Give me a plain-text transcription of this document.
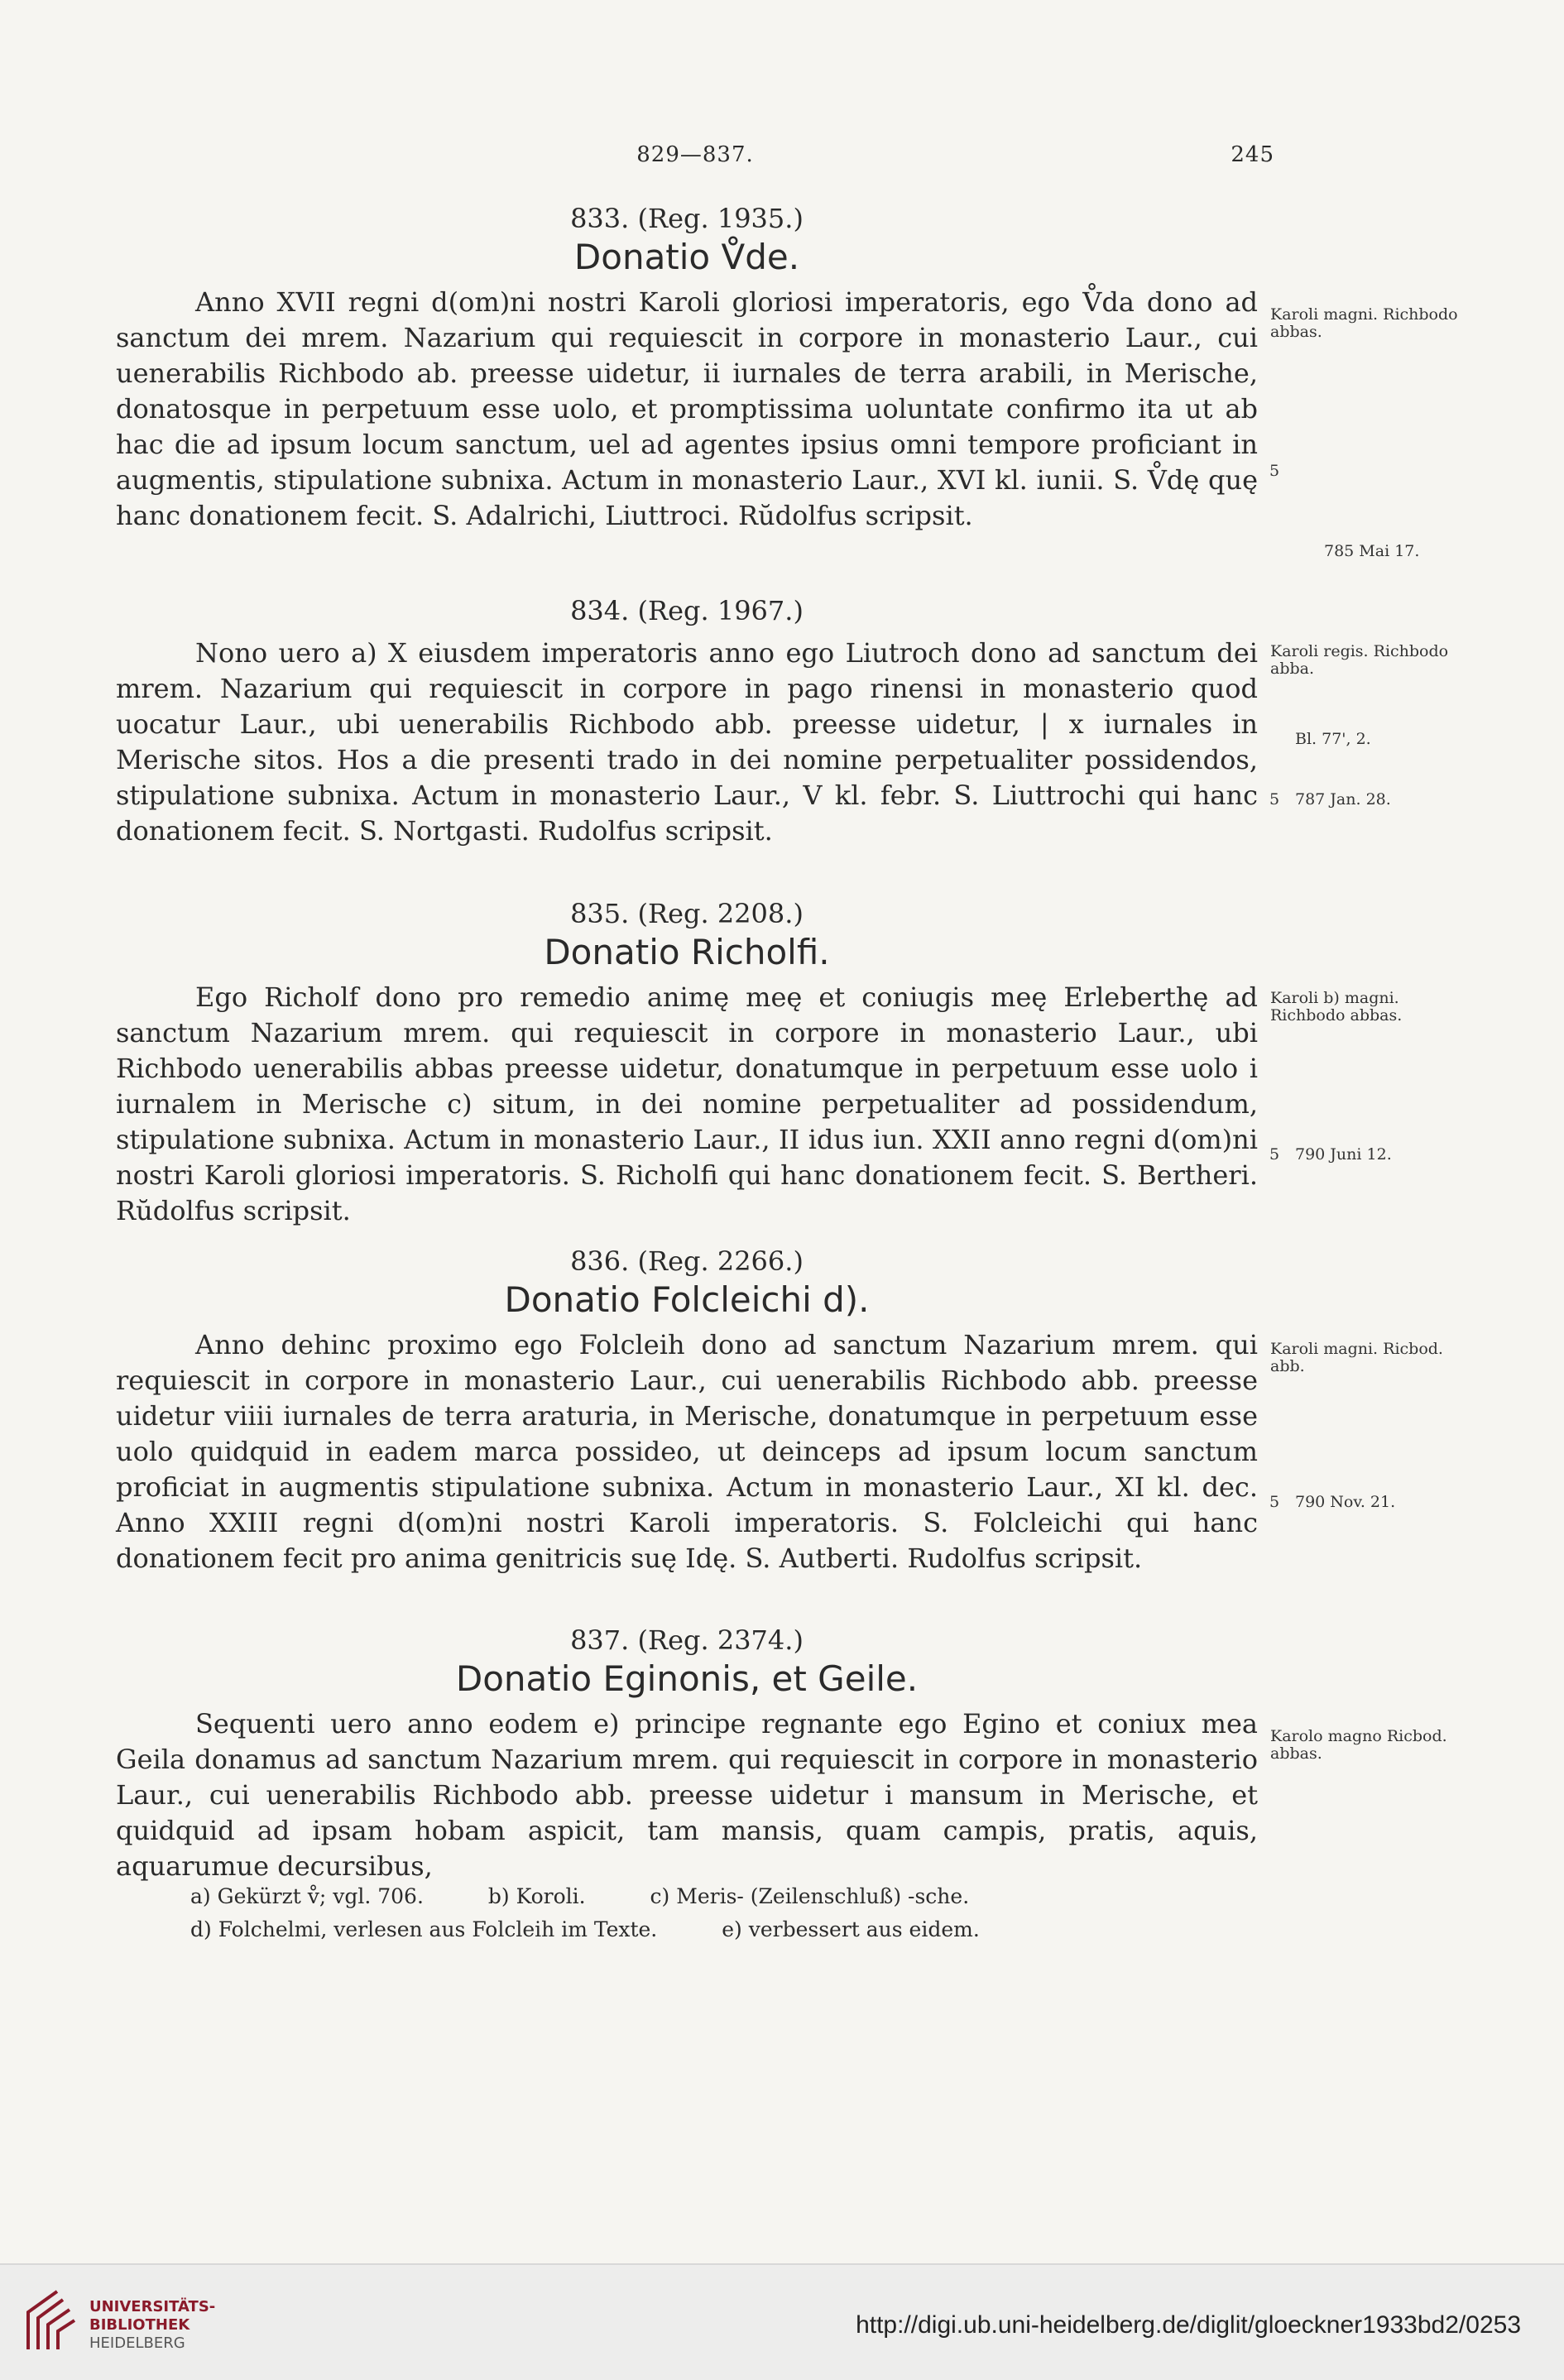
829—837.	245

833. (Reg. 1935.)

Donatio V̊de.

Anno XVII regni d(om)ni nostri Karoli gloriosi imperatoris, ego V̊da dono ad sanctum dei mrem. Nazarium qui requiescit in corpore in monasterio Laur., cui uenerabilis Richbodo ab. preesse uidetur, ii iurnales de terra arabili, in Merische, donatosque in perpetuum esse uolo, et promptissima uoluntate confirmo ita ut ab hac die ad ipsum locum sanctum, uel ad agentes ipsius omni tempore proficiant in augmentis, stipulatione subnixa. Actum in monasterio Laur., XVI kl. iunii. S. V̊dę quę hanc donationem fecit. S. Adalrichi, Liuttroci. Rŭdolfus scripsit.

Karoli magni. Richbodo abbas.
5
785 Mai 17.

834. (Reg. 1967.)

Nono uero a) X eiusdem imperatoris anno ego Liutroch dono ad sanctum dei mrem. Nazarium qui requiescit in corpore in pago rinensi in monasterio quod uocatur Laur., ubi uenerabilis Richbodo abb. preesse uidetur, | x iurnales in Merische sitos. Hos a die presenti trado in dei nomine perpetualiter possidendos, stipulatione subnixa. Actum in monasterio Laur., V kl. febr. S. Liuttrochi qui hanc donationem fecit. S. Nortgasti. Rudolfus scripsit.

Karoli regis. Richbodo abba.
Bl. 77', 2.
5 787 Jan. 28.

835. (Reg. 2208.)

Donatio Richolfi.

Ego Richolf dono pro remedio animę meę et coniugis meę Erleberthę ad sanctum Nazarium mrem. qui requiescit in corpore in monasterio Laur., ubi Richbodo uenerabilis abbas preesse uidetur, donatumque in perpetuum esse uolo i iurnalem in Merische c) situm, in dei nomine perpetualiter ad possidendum, stipulatione subnixa. Actum in monasterio Laur., II idus iun. XXII anno regni d(om)ni nostri Karoli gloriosi imperatoris. S. Richolfi qui hanc donationem fecit. S. Bertheri. Rŭdolfus scripsit.

Karoli b) magni. Richbodo abbas.
5 790 Juni 12.

836. (Reg. 2266.)

Donatio Folcleichi d).

Anno dehinc proximo ego Folcleih dono ad sanctum Nazarium mrem. qui requiescit in corpore in monasterio Laur., cui uenerabilis Richbodo abb. preesse uidetur viiii iurnales de terra araturia, in Merische, donatumque in perpetuum esse uolo quidquid in eadem marca possideo, ut deinceps ad ipsum locum sanctum proficiat in augmentis stipulatione subnixa. Actum in monasterio Laur., XI kl. dec. Anno XXIII regni d(om)ni nostri Karoli imperatoris. S. Folcleichi qui hanc donationem fecit pro anima genitricis suę Idę. S. Autberti. Rudolfus scripsit.

Karoli magni. Ricbod. abb.
5 790 Nov. 21.

837. (Reg. 2374.)

Donatio Eginonis, et Geile.

Sequenti uero anno eodem e) principe regnante ego Egino et coniux mea Geila donamus ad sanctum Nazarium mrem. qui requiescit in corpore in monasterio Laur., cui uenerabilis Richbodo abb. preesse uidetur i mansum in Merische, et quidquid ad ipsam hobam aspicit, tam mansis, quam campis, pratis, aquis, aquarumue decursibus,

Karolo magno Ricbod. abbas.
a) Gekürzt v̊; vgl. 706.	b) Koroli.	c) Meris- (Zeilenschluß) -sche.
d) Folchelmi, verlesen aus Folcleih im Texte.	e) verbessert aus eidem.
UNIVERSITÄTS-
BIBLIOTHEK
HEIDELBERG
http://digi.ub.uni-heidelberg.de/diglit/gloeckner1933bd2/0253
